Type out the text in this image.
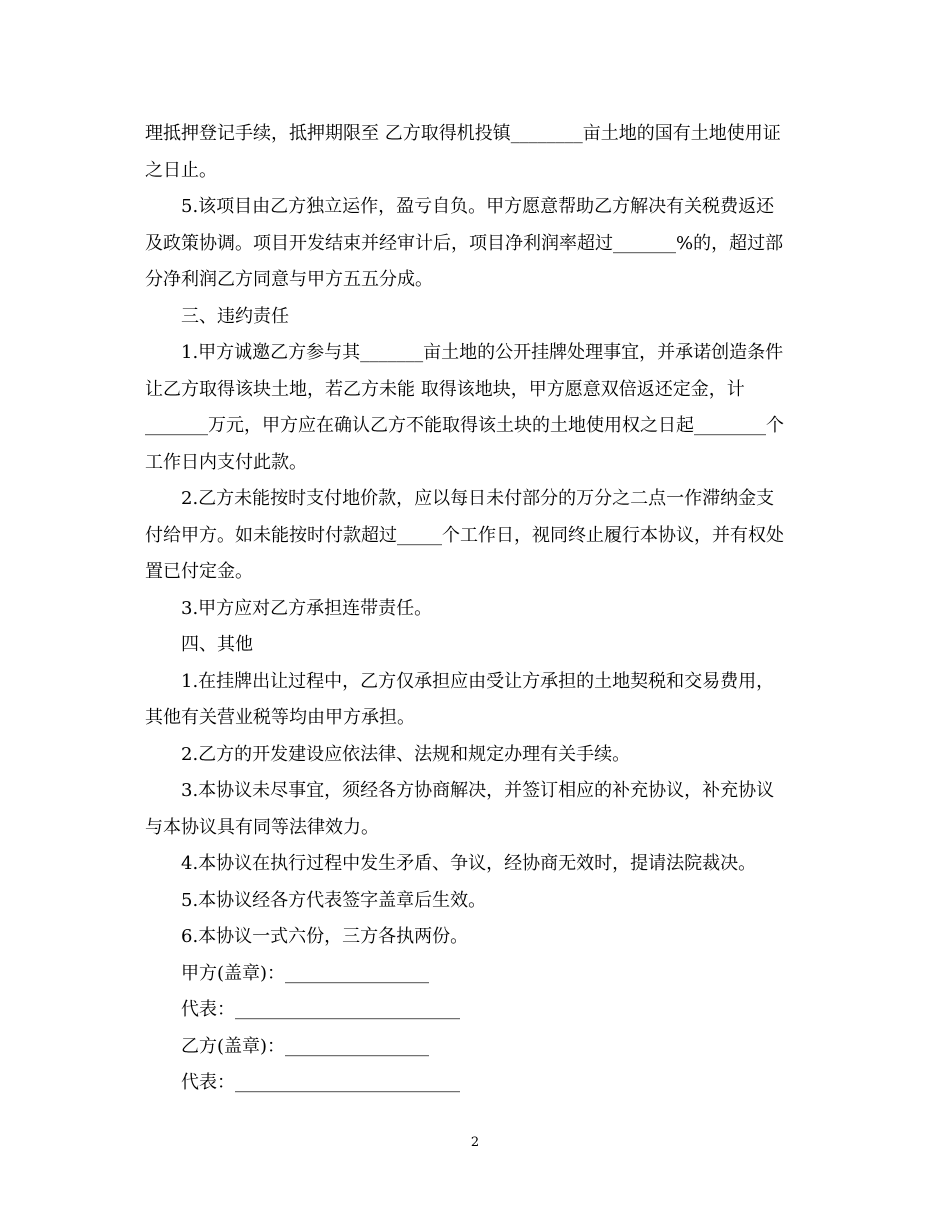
理抵押登记手续，抵押期限至 乙方取得机投镇________亩土地的国有土地使用证
之日止。
5.该项目由乙方独立运作，盈亏自负。甲方愿意帮助乙方解决有关税费返还
及政策协调。项目开发结束并经审计后，项目净利润率超过_______%的，超过部
分净利润乙方同意与甲方五五分成。
三、违约责任
1.甲方诚邀乙方参与其_______亩土地的公开挂牌处理事宜，并承诺创造条件
让乙方取得该块土地，若乙方未能 取得该地块，甲方愿意双倍返还定金，计
_______万元，甲方应在确认乙方不能取得该土块的土地使用权之日起________个
工作日内支付此款。
2.乙方未能按时支付地价款，应以每日未付部分的万分之二点一作滞纳金支
付给甲方。如未能按时付款超过_____个工作日，视同终止履行本协议，并有权处
置已付定金。
3.甲方应对乙方承担连带责任。
四、其他
1.在挂牌出让过程中，乙方仅承担应由受让方承担的土地契税和交易费用，
其他有关营业税等均由甲方承担。
2.乙方的开发建设应依法律、法规和规定办理有关手续。
3.本协议未尽事宜，须经各方协商解决，并签订相应的补充协议，补充协议
与本协议具有同等法律效力。
4.本协议在执行过程中发生矛盾、争议，经协商无效时，提请法院裁决。
5.本协议经各方代表签字盖章后生效。
6.本协议一式六份，三方各执两份。
甲方(盖章)：________________
代表：_________________________
乙方(盖章)：________________
代表：_________________________
2
